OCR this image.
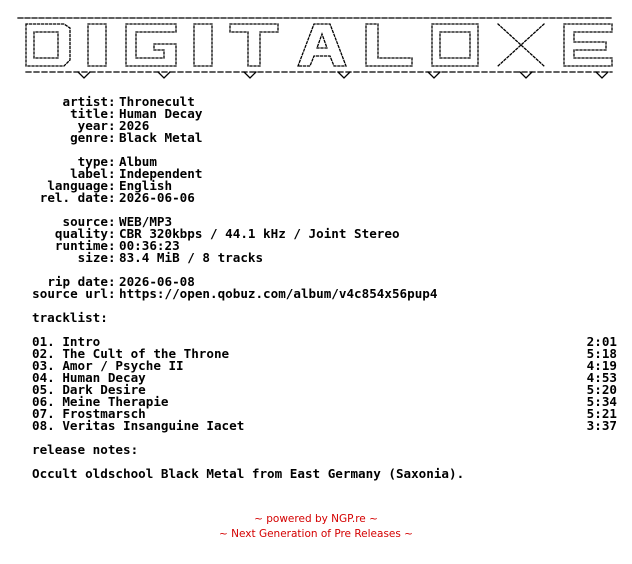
artist : Thronecult
title : Human Decay
year : 2026
genre : Black Metal
type : Album
label : Independent
language : English
rel. date : 2026-06-06
source : WEB/MP3
quality : CBR 320kbps / 44.1 kHz / Joint Stereo
runtime : 00:36:23
size : 83.4 MiB / 8 tracks
rip date : 2026-06-08
source url : https://open.qobuz.com/album/v4c854x56pup4
tracklist:
01. Intro	2:01
02. The Cult of the Throne	5:18
03. Amor / Psyche II	4:19
04. Human Decay	4:53
05. Dark Desire	5:20
06. Meine Therapie	5:34
07. Frostmarsch	5:21
08. Veritas Insanguine Iacet	3:37
release notes:
Occult oldschool Black Metal from East Germany (Saxonia).
~ powered by NGP.re ~
~ Next Generation of Pre Releases ~
